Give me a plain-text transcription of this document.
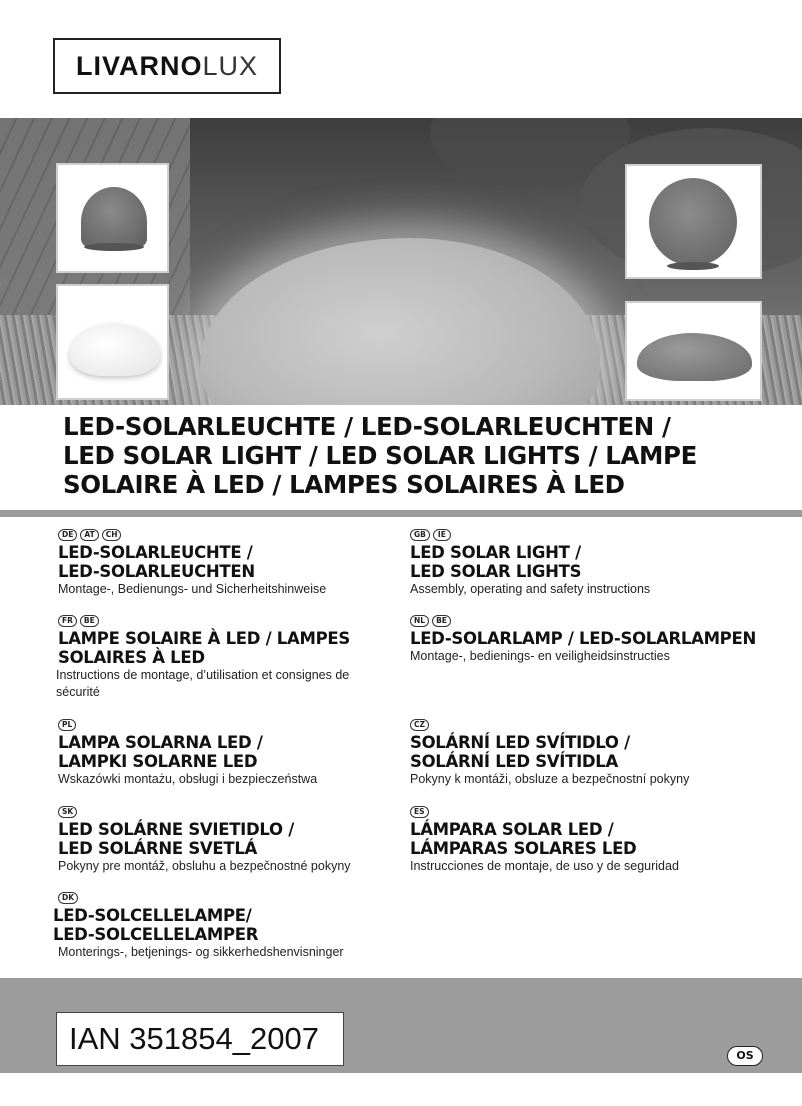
LIVARNO LUX
LED-SOLARLEUCHTE / LED-SOLARLEUCHTEN /
LED SOLAR LIGHT / LED SOLAR LIGHTS / LAMPE
SOLAIRE À LED / LAMPES SOLAIRES À LED
DE	AT	CH
LED-SOLARLEUCHTE /
LED-SOLARLEUCHTEN
Montage-, Bedienungs- und Sicherheitshinweise
GB	IE
LED SOLAR LIGHT /
LED SOLAR LIGHTS
Assembly, operating and safety instructions
FR	BE
LAMPE SOLAIRE À LED / LAMPES
SOLAIRES À LED
Instructions de montage, d’utilisation et consignes de sécurité
NL	BE
LED-SOLARLAMP / LED-SOLARLAMPEN
Montage-, bedienings- en veiligheidsinstructies
PL
LAMPA SOLARNA LED /
LAMPKI SOLARNE LED
Wskazówki montażu, obsługi i bezpieczeństwa
CZ
SOLÁRNÍ LED SVÍTIDLO /
SOLÁRNÍ LED SVÍTIDLA
Pokyny k montáži, obsluze a bezpečnostní pokyny
SK
LED SOLÁRNE SVIETIDLO /
LED SOLÁRNE SVETLÁ
Pokyny pre montáž, obsluhu a bezpečnostné pokyny
ES
LÁMPARA SOLAR LED /
LÁMPARAS SOLARES LED
Instrucciones de montaje, de uso y de seguridad
DK
LED-SOLCELLELAMPE/
LED-SOLCELLELAMPER
Monterings-, betjenings- og sikkerhedshenvisninger
IAN 351854_2007	OS
